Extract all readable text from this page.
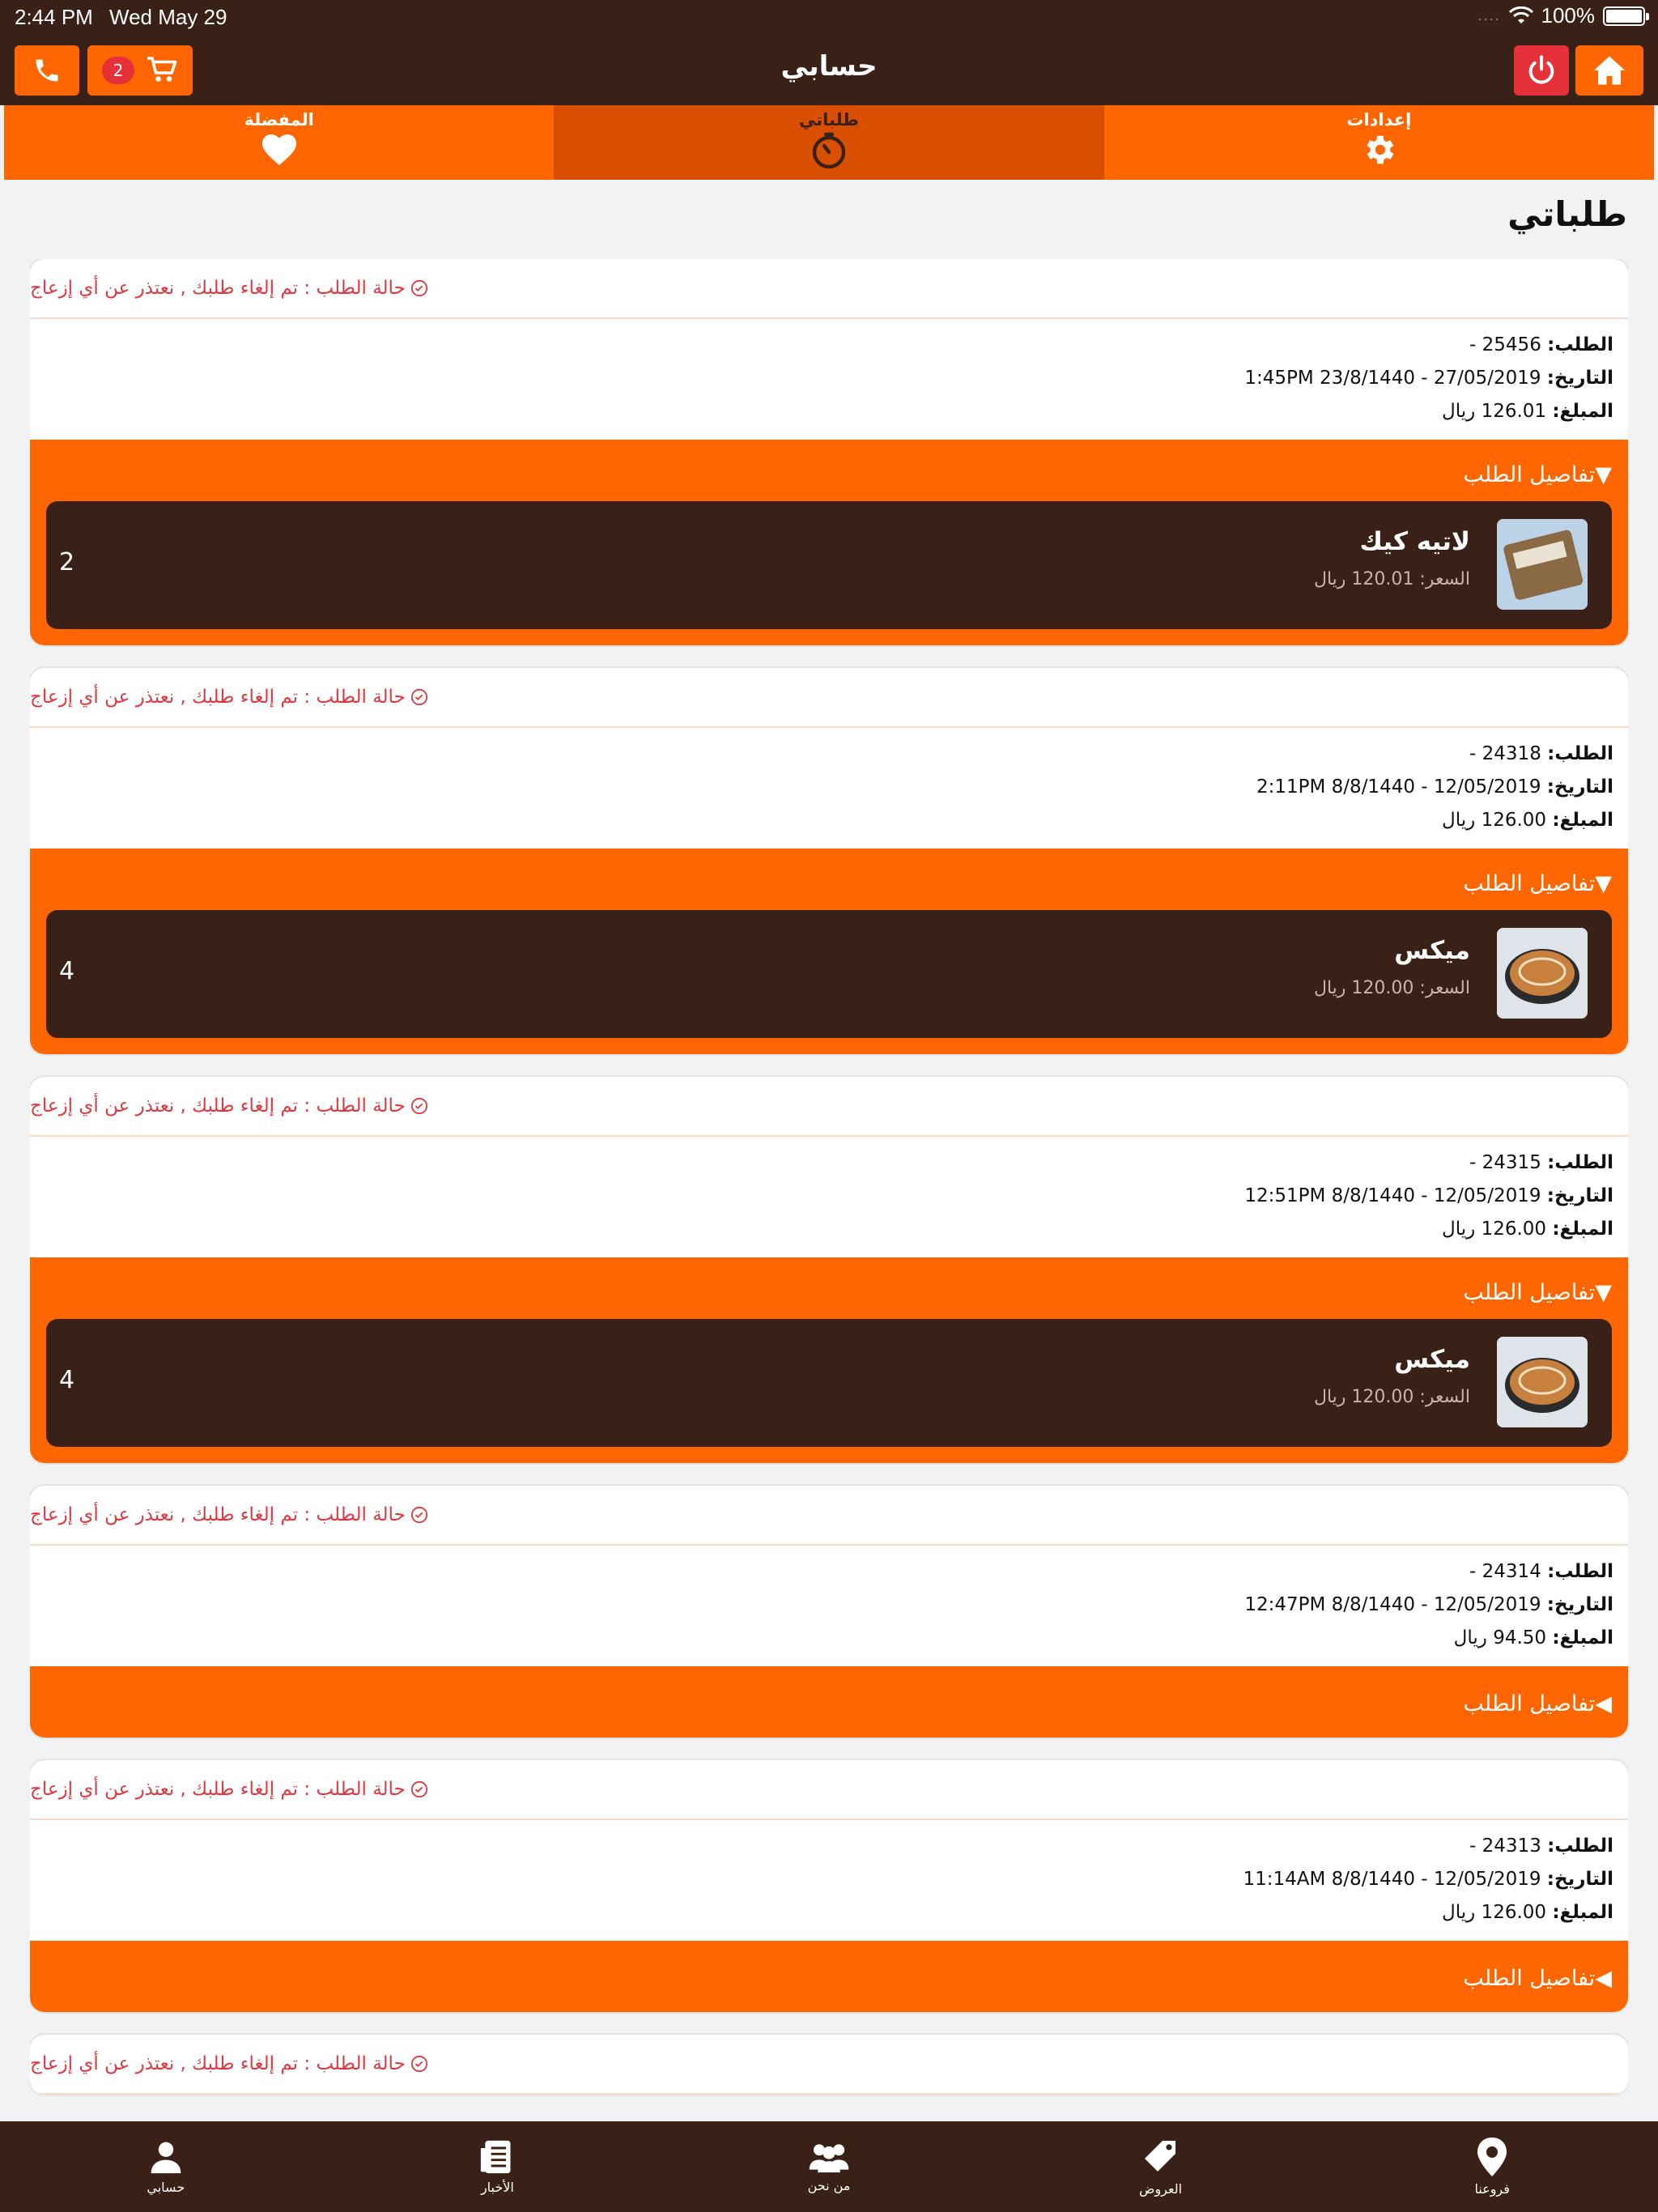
2:44 PM Wed May 29	.... 100%
2	حسابي
المفضلة	طلباتي	إعدادات
طلباتي
حالة الطلب : تم إلغاء طلبك , نعتذر عن أي إزعاج
الطلب: 25456 -
التاريخ: 27/05/2019 - 23/8/1440 1:45PM
المبلغ: 126.01 ريال
▼تفاصيل الطلب
لاتيه كيك
السعر: 120.01 ريال
2
حالة الطلب : تم إلغاء طلبك , نعتذر عن أي إزعاج
الطلب: 24318 -
التاريخ: 12/05/2019 - 8/8/1440 2:11PM
المبلغ: 126.00 ريال
▼تفاصيل الطلب
ميكس
السعر: 120.00 ريال
4
حالة الطلب : تم إلغاء طلبك , نعتذر عن أي إزعاج
الطلب: 24315 -
التاريخ: 12/05/2019 - 8/8/1440 12:51PM
المبلغ: 126.00 ريال
▼تفاصيل الطلب
ميكس
السعر: 120.00 ريال
4
حالة الطلب : تم إلغاء طلبك , نعتذر عن أي إزعاج
الطلب: 24314 -
التاريخ: 12/05/2019 - 8/8/1440 12:47PM
المبلغ: 94.50 ريال
◀تفاصيل الطلب
حالة الطلب : تم إلغاء طلبك , نعتذر عن أي إزعاج
الطلب: 24313 -
التاريخ: 12/05/2019 - 8/8/1440 11:14AM
المبلغ: 126.00 ريال
◀تفاصيل الطلب
حالة الطلب : تم إلغاء طلبك , نعتذر عن أي إزعاج
حسابي	الأخبار	من نحن	العروض	فروعنا
